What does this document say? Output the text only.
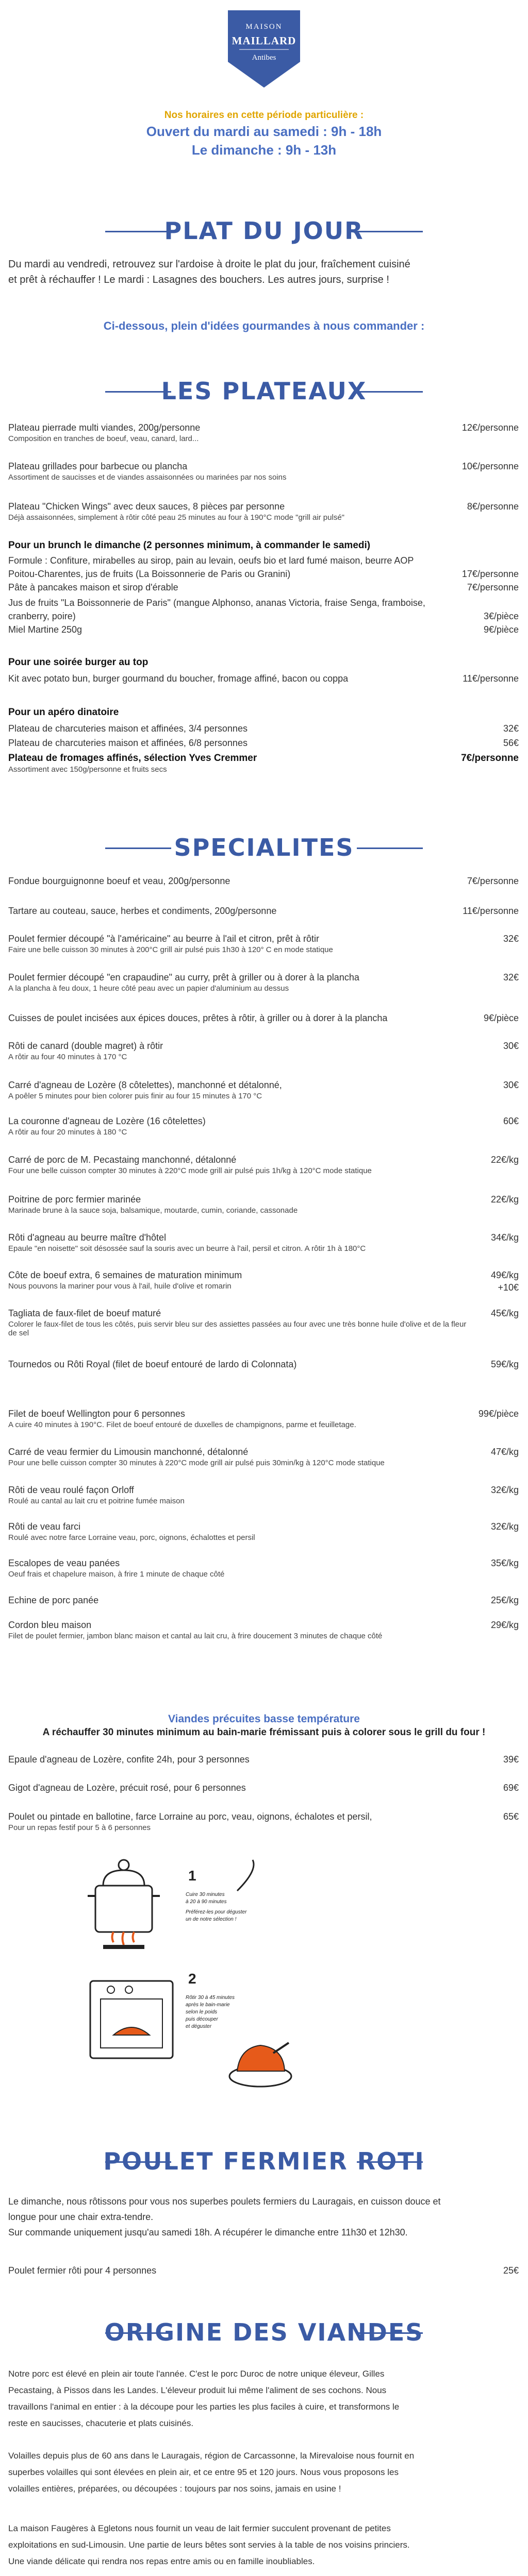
MAISON
MAILLARD
Antibes
Nos horaires en cette période particulière :
Ouvert du mardi au samedi : 9h - 18h
Le dimanche : 9h - 13h
PLAT DU JOUR
Du mardi au vendredi, retrouvez sur l'ardoise à droite le plat du jour, fraîchement cuisiné
et prêt à réchauffer ! Le mardi : Lasagnes des bouchers. Les autres jours, surprise !
Ci-dessous, plein d'idées gourmandes à nous commander :
LES PLATEAUX
Plateau pierrade multi viandes, 200g/personne	12€/personne
Composition en tranches de boeuf, veau, canard, lard...
Plateau grillades pour barbecue ou plancha	10€/personne
Assortiment de saucisses et de viandes assaisonnées ou marinées par nos soins
Plateau "Chicken Wings" avec deux sauces, 8 pièces par personne	8€/personne
Déjà assaisonnées, simplement à rôtir côté peau 25 minutes au four à 190°C mode "grill air pulsé"
Pour un brunch le dimanche (2 personnes minimum, à commander le samedi)
Formule : Confiture, mirabelles au sirop, pain au levain, oeufs bio et lard fumé maison, beurre AOP
Poitou-Charentes, jus de fruits (La Boissonnerie de Paris ou Granini)	17€/personne
Pâte à pancakes maison et sirop d'érable	7€/personne
Jus de fruits "La Boissonnerie de Paris" (mangue Alphonso, ananas Victoria, fraise Senga, framboise,
cranberry, poire)	3€/pièce
Miel Martine 250g	9€/pièce
Pour une soirée burger au top
Kit avec potato bun, burger gourmand du boucher, fromage affiné, bacon ou coppa	11€/personne
Pour un apéro dinatoire
Plateau de charcuteries maison et affinées, 3/4 personnes	32€
Plateau de charcuteries maison et affinées, 6/8 personnes	56€
Plateau de fromages affinés, sélection Yves Cremmer	7€/personne
Assortiment avec 150g/personne et fruits secs
SPECIALITES
Fondue bourguignonne boeuf et veau, 200g/personne	7€/personne
Tartare au couteau, sauce, herbes et condiments, 200g/personne	11€/personne
Poulet fermier découpé "à l'américaine" au beurre à l'ail et citron, prêt à rôtir	32€
Faire une belle cuisson 30 minutes à 200°C grill air pulsé puis 1h30 à 120° C en mode statique
Poulet fermier découpé "en crapaudine" au curry, prêt à griller ou à dorer à la plancha	32€
A la plancha à feu doux, 1 heure côté peau avec un papier d'aluminium au dessus
Cuisses de poulet incisées aux épices douces, prêtes à rôtir, à griller ou à dorer à la plancha	9€/pièce
Rôti de canard (double magret) à rôtir	30€
A rôtir au four 40 minutes à 170 °C
Carré d'agneau de Lozère (8 côtelettes), manchonné et détalonné,	30€
A poêler 5 minutes pour bien colorer puis finir au four 15 minutes à 170 °C
La couronne d'agneau de Lozère (16 côtelettes)	60€
A rôtir au four 20 minutes à 180 °C
Carré de porc de M. Pecastaing manchonné, détalonné	22€/kg
Four une belle cuisson compter 30 minutes à 220°C mode grill air pulsé puis 1h/kg à 120°C mode statique
Poitrine de porc fermier marinée	22€/kg
Marinade brune à la sauce soja, balsamique, moutarde, cumin, coriande, cassonade
Rôti d'agneau au beurre maître d'hôtel	34€/kg
Epaule "en noisette" soit désossée sauf la souris avec un beurre à l'ail, persil et citron. A rôtir 1h à 180°C
Côte de boeuf extra, 6 semaines de maturation minimum	49€/kg
Nous pouvons la mariner pour vous à l'ail, huile d'olive et romarin	+10€
Tagliata de faux-filet de boeuf maturé	45€/kg
Colorer le faux-filet de tous les côtés, puis servir bleu sur des assiettes passées au four avec une très bonne huile d'olive et de la fleur de sel
Tournedos ou Rôti Royal (filet de boeuf entouré de lardo di Colonnata)	59€/kg
Filet de boeuf Wellington pour 6 personnes	99€/pièce
A cuire 40 minutes à 190°C. Filet de boeuf entouré de duxelles de champignons, parme et feuilletage.
Carré de veau fermier du Limousin manchonné, détalonné	47€/kg
Pour une belle cuisson compter 30 minutes à 220°C mode grill air pulsé puis 30min/kg à 120°C mode statique
Rôti de veau roulé façon Orloff	32€/kg
Roulé au cantal au lait cru et poitrine fumée maison
Rôti de veau farci	32€/kg
Roulé avec notre farce Lorraine veau, porc, oignons, échalottes et persil
Escalopes de veau panées	35€/kg
Oeuf frais et chapelure maison, à frire 1 minute de chaque côté
Echine de porc panée	25€/kg
Cordon bleu maison	29€/kg
Filet de poulet fermier, jambon blanc maison et cantal au lait cru, à frire doucement 3 minutes de chaque côté
Viandes précuites basse température
A réchauffer 30 minutes minimum au bain-marie frémissant puis à colorer sous le grill du four !
Epaule d'agneau de Lozère, confite 24h, pour 3 personnes	39€
Gigot d'agneau de Lozère, précuit rosé, pour 6 personnes	69€
Poulet ou pintade en ballotine, farce Lorraine au porc, veau, oignons, échalotes et persil,	65€
Pour un repas festif pour 5 à 6 personnes
1
Cuire 30 minutes
à 20 à 90 minutes
Préférez-les pour déguster
un de notre sélection !
2
Rôtir 30 à 45 minutes
après le bain-marie
selon le poids
puis découper
et déguster
POULET FERMIER ROTI
Le dimanche, nous rôtissons pour vous nos superbes poulets fermiers du Lauragais, en cuisson douce et
longue pour une chair extra-tendre.
Sur commande uniquement jusqu'au samedi 18h. A récupérer le dimanche entre 11h30 et 12h30.
Poulet fermier rôti pour 4 personnes	25€
ORIGINE DES VIANDES
Notre porc est élevé en plein air toute l'année. C'est le porc Duroc de notre unique éleveur, Gilles
Pecastaing, à Pissos dans les Landes. L'éleveur produit lui même l'aliment de ses cochons. Nous
travaillons l'animal en entier : à la découpe pour les parties les plus faciles à cuire, et transformons le
reste en saucisses, chacuterie et plats cuisinés.
Volailles depuis plus de 60 ans dans le Lauragais, région de Carcassonne, la Mirevaloise nous fournit en
superbes volailles qui sont élevées en plein air, et ce entre 95 et 120 jours. Nous vous proposons les
volailles entières, préparées, ou découpées : toujours par nos soins, jamais en usine !
La maison Faugères à Egletons nous fournit un veau de lait fermier succulent provenant de petites
exploitations en sud-Limousin. Une partie de leurs bêtes sont servies à la table de nos voisins princiers.
Une viande délicate qui rendra nos repas entre amis ou en famille inoubliables.
